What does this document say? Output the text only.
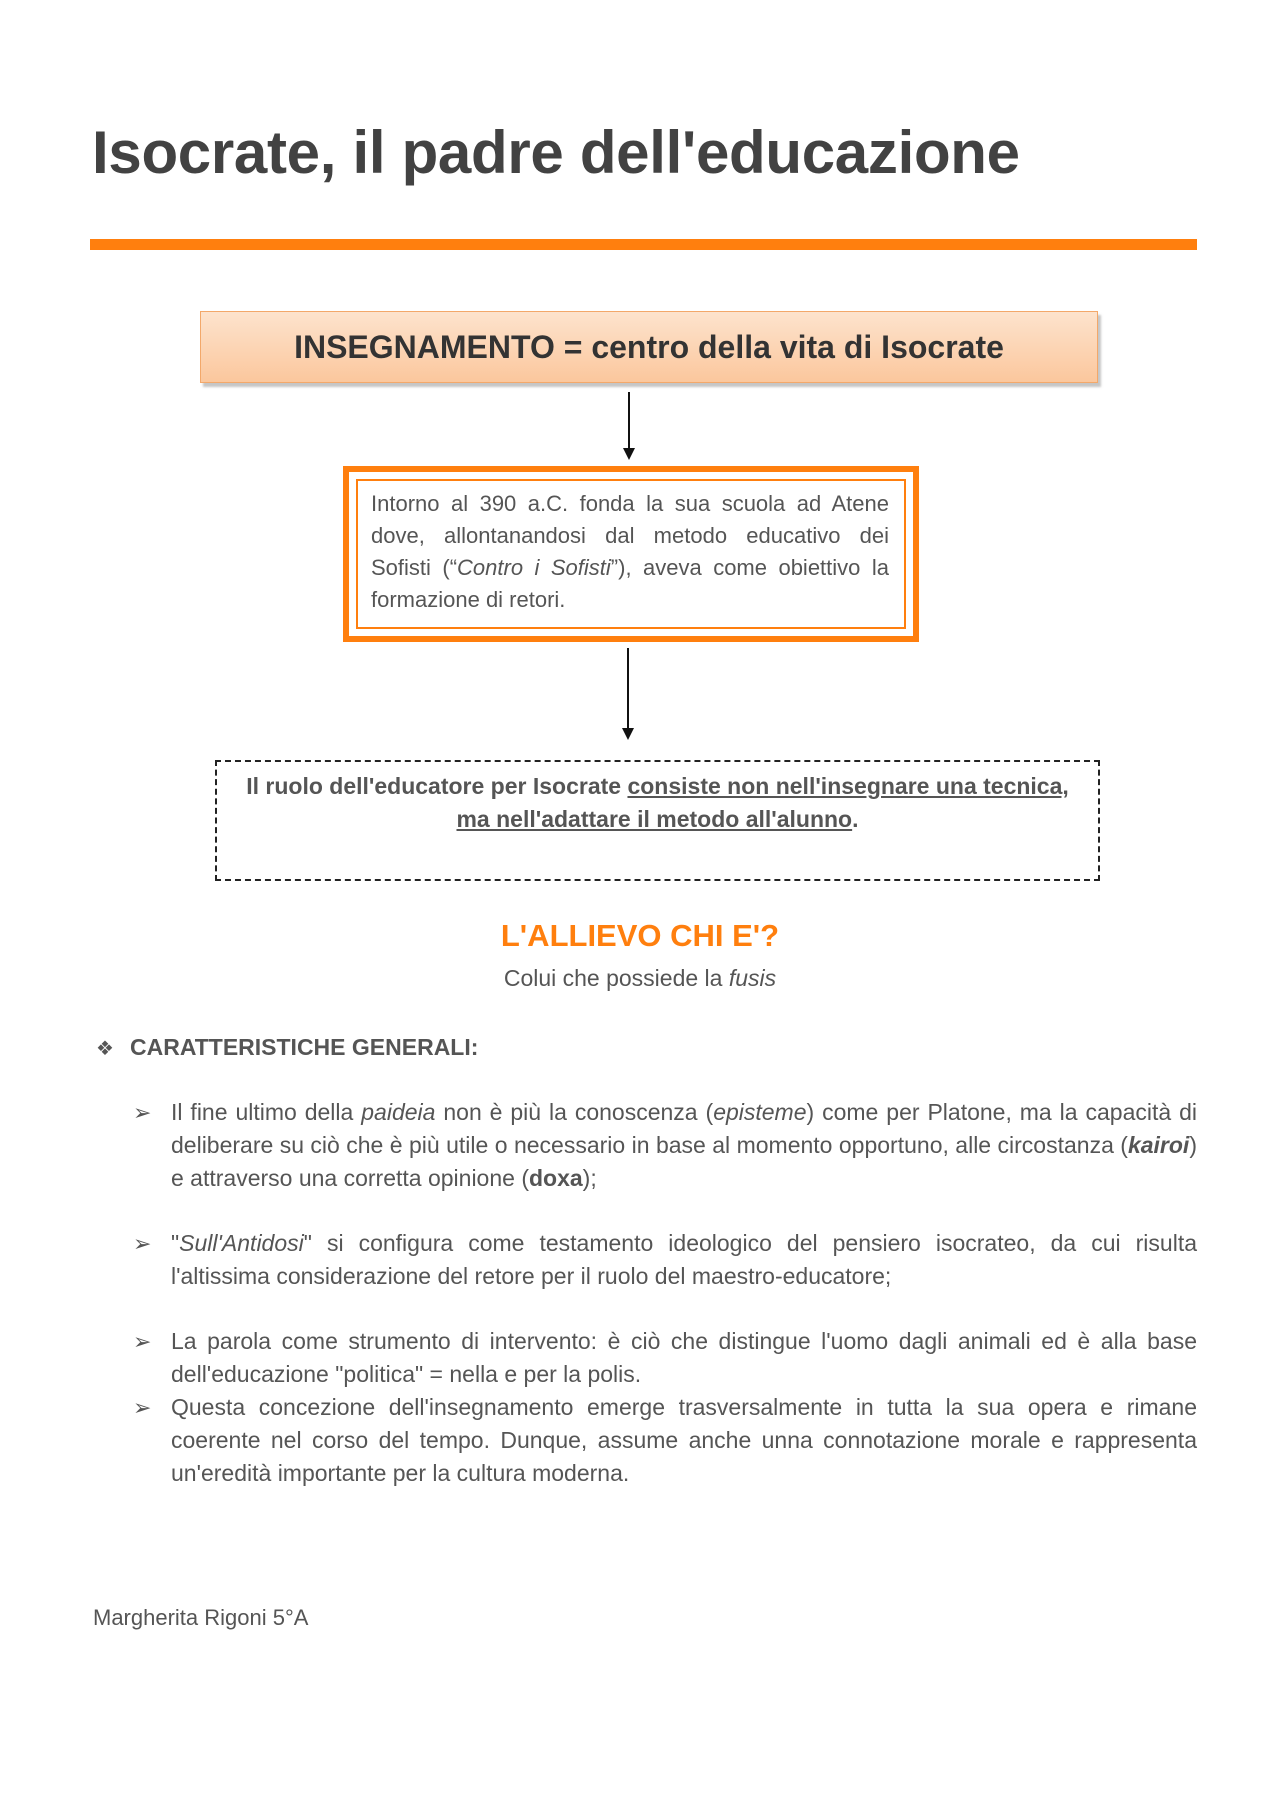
Isocrate, il padre dell'educazione
INSEGNAMENTO = centro della vita di Isocrate
Intorno al 390 a.C. fonda la sua scuola ad Atene dove, allontanandosi dal metodo educativo dei Sofisti (“Contro i Sofisti”), aveva come obiettivo la formazione di retori.
Il ruolo dell'educatore per Isocrate consiste non nell'insegnare una tecnica, ma nell'adattare il metodo all'alunno.
L'ALLIEVO CHI E'?
Colui che possiede la fusis
❖ CARATTERISTICHE GENERALI:
➢ Il fine ultimo della paideia non è più la conoscenza (episteme) come per Platone, ma la capacità di deliberare su ciò che è più utile o necessario in base al momento opportuno, alle circostanza (kairoi) e attraverso una corretta opinione (doxa);
➢ "Sull'Antidosi" si configura come testamento ideologico del pensiero isocrateo, da cui risulta l'altissima considerazione del retore per il ruolo del maestro-educatore;
➢ La parola come strumento di intervento: è ciò che distingue l'uomo dagli animali ed è alla base dell'educazione "politica" = nella e per la polis.
➢ Questa concezione dell'insegnamento emerge trasversalmente in tutta la sua opera e rimane coerente nel corso del tempo. Dunque, assume anche unna connotazione morale e rappresenta un'eredità importante per la cultura moderna.
Margherita Rigoni 5°A
